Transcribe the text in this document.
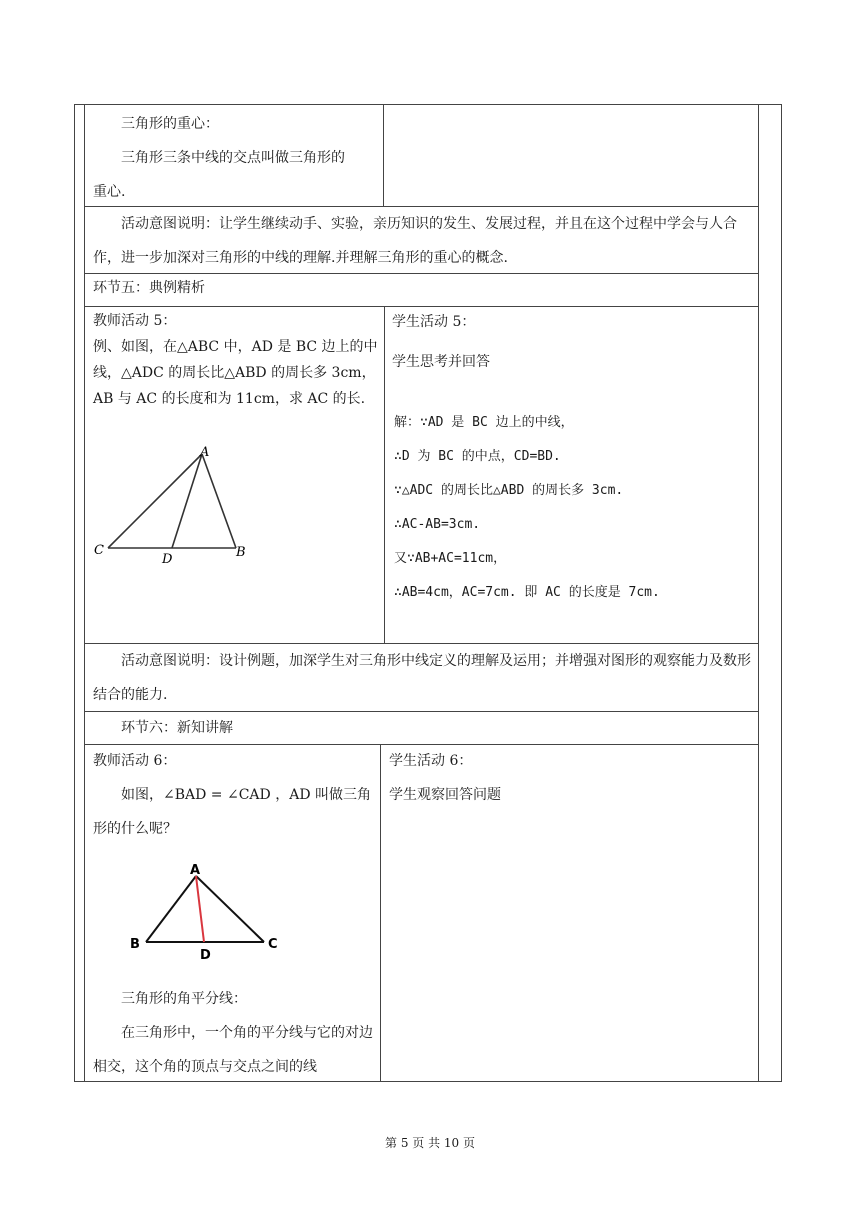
三角形的重心：

三角形三条中线的交点叫做三角形的

重心.

活动意图说明：让学生继续动手、实验，亲历知识的发生、发展过程，并且在这个过程中学会与人合作，进一步加深对三角形的中线的理解.并理解三角形的重心的概念.

环节五：典例精析

教师活动 5：

例、如图，在△ABC 中，AD 是 BC 边上的中线，△ADC 的周长比△ABD 的周长多 3cm，AB 与 AC 的长度和为 11cm，求 AC 的长.

A
C
D	B

学生活动 5：

学生思考并回答

解：∵AD 是 BC 边上的中线，

∴D 为 BC 的中点，CD=BD.

∵△ADC 的周长比△ABD 的周长多 3cm.

∴AC-AB=3cm.

又∵AB+AC=11cm，

∴AB=4cm，AC=7cm. 即 AC 的长度是 7cm.

活动意图说明：设计例题，加深学生对三角形中线定义的理解及运用；并增强对图形的观察能力及数形结合的能力.

环节六：新知讲解

教师活动 6：

如图，∠BAD = ∠CAD ，AD 叫做三角形的什么呢？

A
B
D
C

三角形的角平分线：

在三角形中，一个角的平分线与它的对边相交，这个角的顶点与交点之间的线

学生活动 6：

学生观察回答问题

第 5 页 共 10 页
